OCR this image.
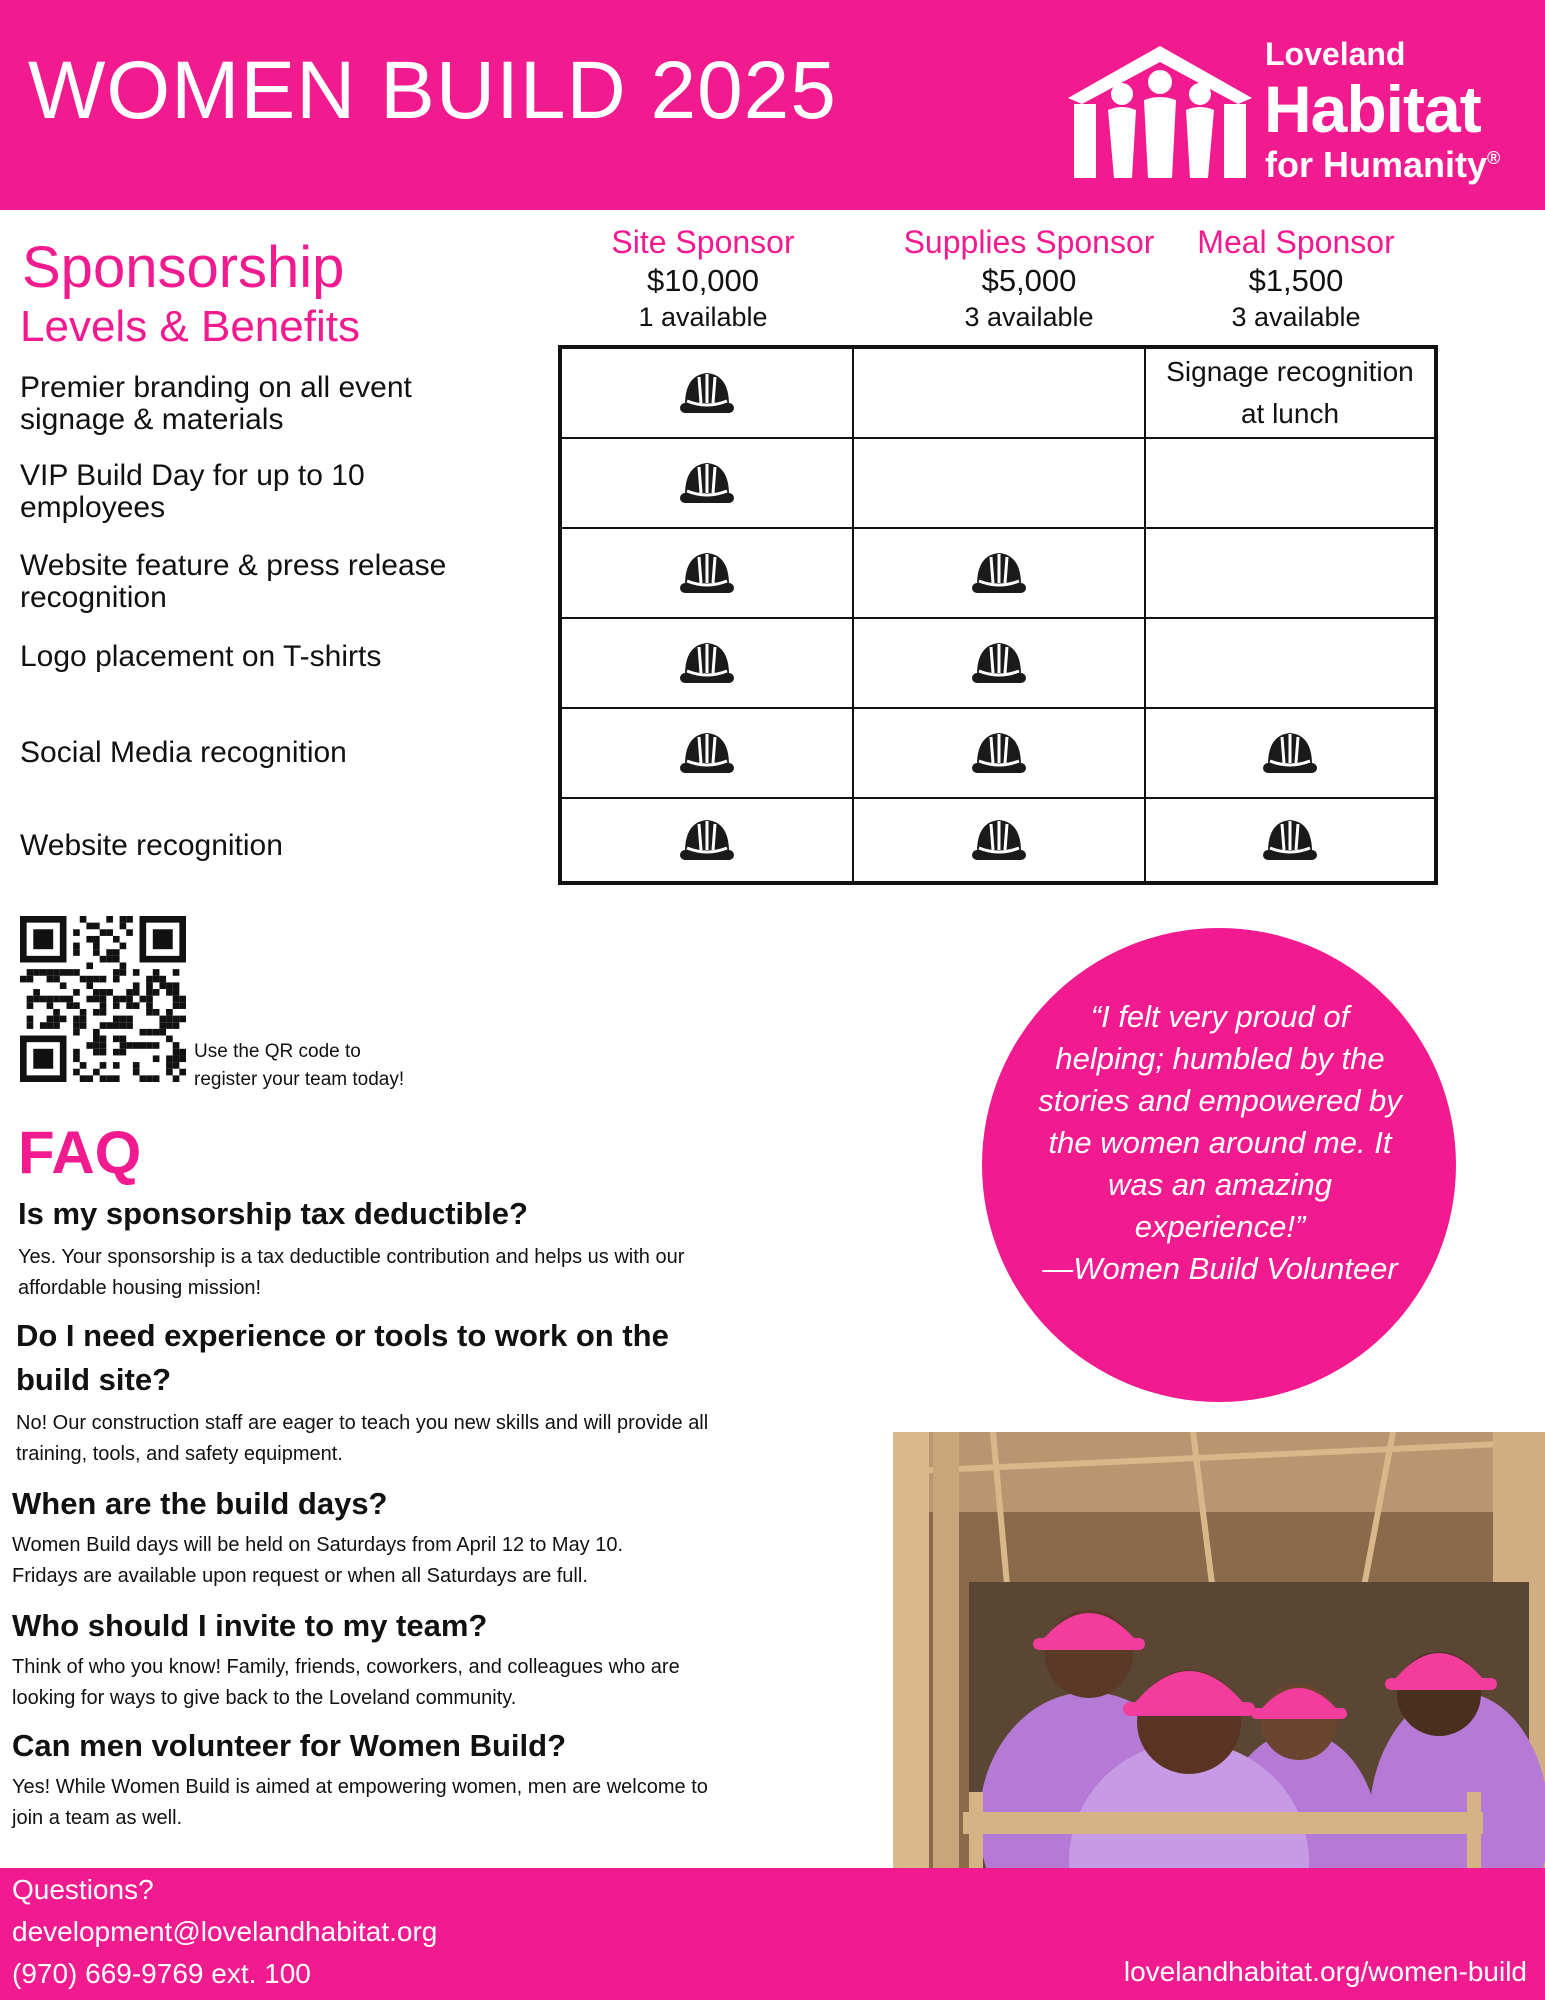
WOMEN BUILD 2025	Loveland
Habitat
for Humanity®
Sponsorship
Levels & Benefits
Site Sponsor
$10,000
1 available
Supplies Sponsor
$5,000
3 available
Meal Sponsor
$1,500
3 available
Premier branding on all event
signage & materials
VIP Build Day for up to 10
employees
Website feature & press release
recognition
Logo placement on T-shirts
Social Media recognition
Website recognition
Signage recognition
at lunch
Use the QR code to
register your team today!
FAQ
Is my sponsorship tax deductible?
Yes. Your sponsorship is a tax deductible contribution and helps us with our
affordable housing mission!
Do I need experience or tools to work on the
build site?
No! Our construction staff are eager to teach you new skills and will provide all
training, tools, and safety equipment.
When are the build days?
Women Build days will be held on Saturdays from April 12 to May 10.
Fridays are available upon request or when all Saturdays are full.
Who should I invite to my team?
Think of who you know! Family, friends, coworkers, and colleagues who are
looking for ways to give back to the Loveland community.
Can men volunteer for Women Build?
Yes! While Women Build is aimed at empowering women, men are welcome to
join a team as well.
“I felt very proud of
helping; humbled by the
stories and empowered by
the women around me. It
was an amazing
experience!”
—Women Build Volunteer
Questions?
development@lovelandhabitat.org
(970) 669-9769 ext. 100	lovelandhabitat.org/women-build
